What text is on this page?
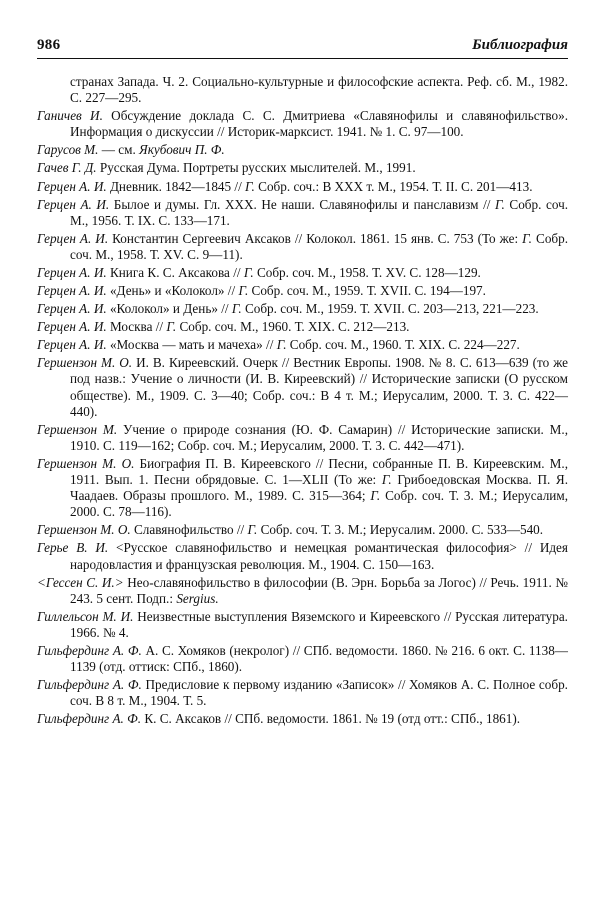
986	Библиография

странах Запада. Ч. 2. Социально-культурные и философские аспекта. Реф. сб. М., 1982. С. 227—295.

Ганичев И. Обсуждение доклада С. С. Дмитриева «Славянофилы и славянофильство». Информация о дискуссии // Историк-марксист. 1941. № 1. С. 97—100.

Гарусов М. — см. Якубович П. Ф.

Гачев Г. Д. Русская Дума. Портреты русских мыслителей. М., 1991.

Герцен А. И. Дневник. 1842—1845 // Г. Собр. соч.: В XXX т. М., 1954. Т. II. С. 201—413.

Герцен А. И. Былое и думы. Гл. XXX. Не наши. Славянофилы и панславизм // Г. Собр. соч. М., 1956. Т. IX. С. 133—171.

Герцен А. И. Константин Сергеевич Аксаков // Колокол. 1861. 15 янв. С. 753 (То же: Г. Собр. соч. М., 1958. Т. XV. С. 9—11).

Герцен А. И. Книга К. С. Аксакова // Г. Собр. соч. М., 1958. Т. XV. С. 128—129.

Герцен А. И. «День» и «Колокол» // Г. Собр. соч. М., 1959. Т. XVII. С. 194—197.

Герцен А. И. «Колокол» и День» // Г. Собр. соч. М., 1959. Т. XVII. С. 203—213, 221—223.

Герцен А. И. Москва // Г. Собр. соч. М., 1960. Т. XIX. С. 212—213.

Герцен А. И. «Москва — мать и мачеха» // Г. Собр. соч. М., 1960. Т. XIX. С. 224—227.

Гершензон М. О. И. В. Киреевский. Очерк // Вестник Европы. 1908. № 8. С. 613—639 (то же под назв.: Учение о личности (И. В. Киреевский) // Исторические записки (О русском обществе). М., 1909. С. 3—40; Собр. соч.: В 4 т. М.; Иерусалим, 2000. Т. 3. С. 422—440).

Гершензон М. Учение о природе сознания (Ю. Ф. Самарин) // Исторические записки. М., 1910. С. 119—162; Собр. соч. М.; Иерусалим, 2000. Т. 3. С. 442—471).

Гершензон М. О. Биография П. В. Киреевского // Песни, собранные П. В. Киреевским. М., 1911. Вып. 1. Песни обрядовые. С. 1—XLII (То же: Г. Грибоедовская Москва. П. Я. Чаадаев. Образы прошлого. М., 1989. С. 315—364; Г. Собр. соч. Т. 3. М.; Иерусалим, 2000. С. 78—116).

Гершензон М. О. Славянофильство // Г. Собр. соч. Т. 3. М.; Иерусалим. 2000. С. 533—540.

Герье В. И. <Русское славянофильство и немецкая романтическая философия> // Идея народовластия и французская революция. М., 1904. С. 150—163.

<Гессен С. И.> Нео-славянофильство в философии (В. Эрн. Борьба за Логос) // Речь. 1911. № 243. 5 сент. Подп.: Sergius.

Гиллельсон М. И. Неизвестные выступления Вяземского и Киреевского // Русская литература. 1966. № 4.

Гильфердинг А. Ф. А. С. Хомяков (некролог) // СПб. ведомости. 1860. № 216. 6 окт. С. 1138—1139 (отд. оттиск: СПб., 1860).

Гильфердинг А. Ф. Предисловие к первому изданию «Записок» // Хомяков А. С. Полное собр. соч. В 8 т. М., 1904. Т. 5.

Гильфердинг А. Ф. К. С. Аксаков // СПб. ведомости. 1861. № 19 (отд отт.: СПб., 1861).
